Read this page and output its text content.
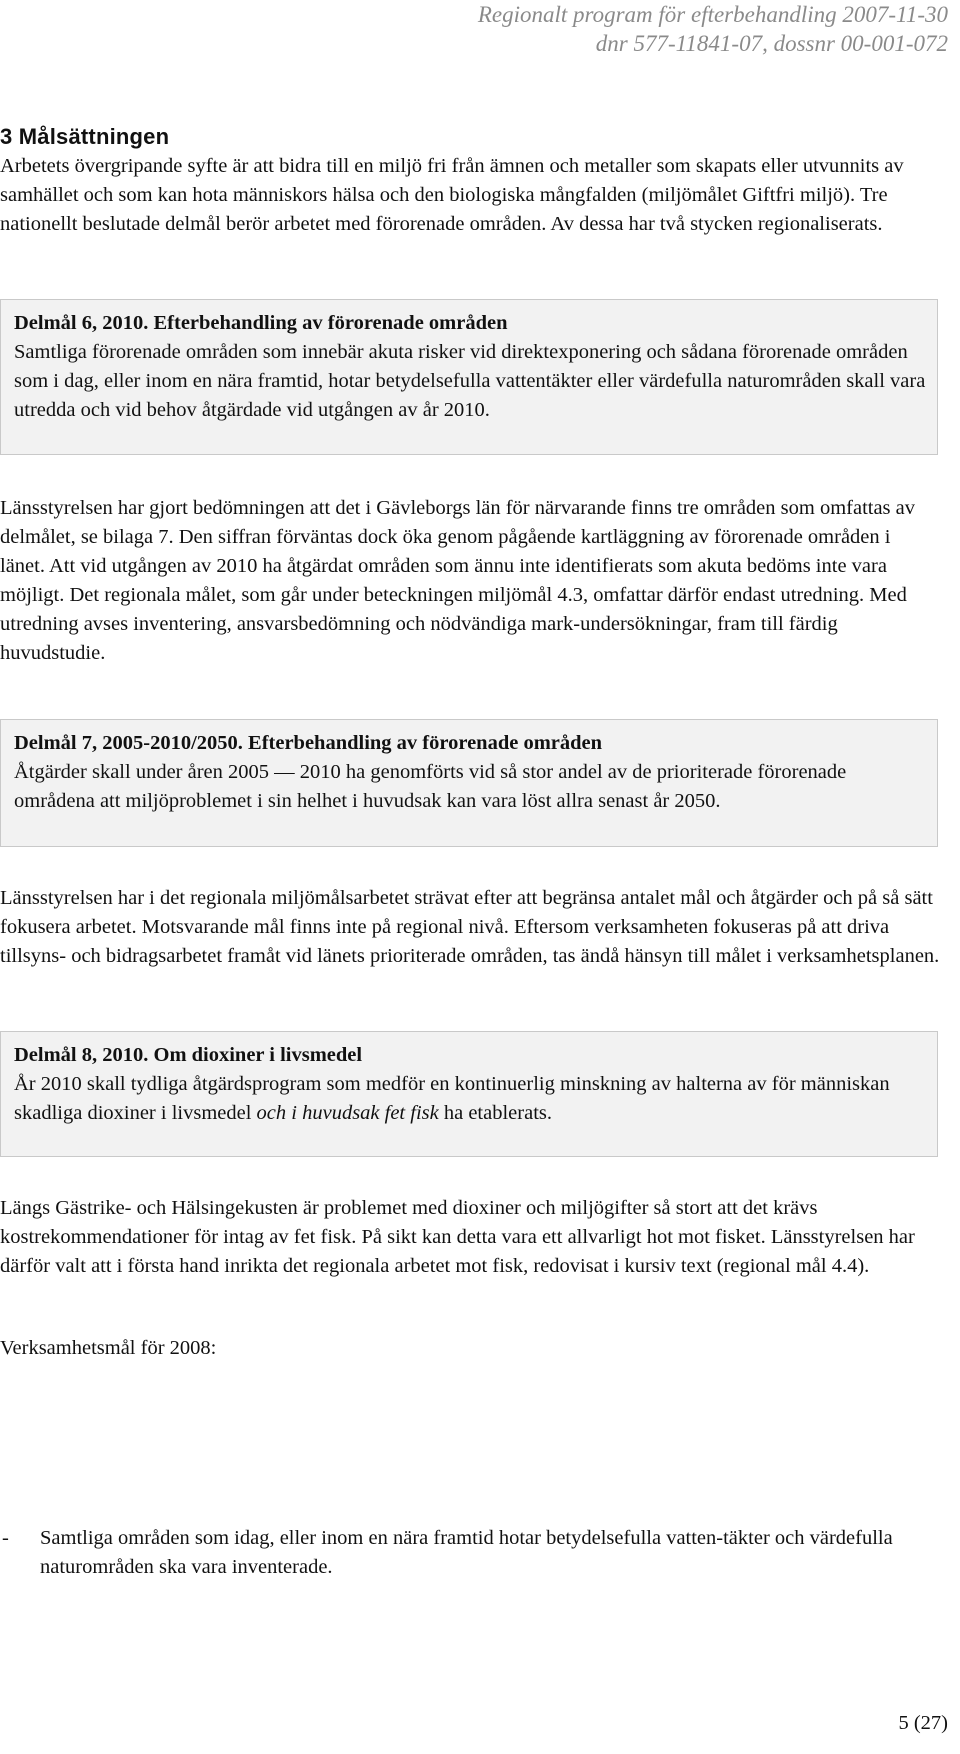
Regionalt program för efterbehandling 2007-11-30
dnr 577-11841-07, dossnr 00-001-072
3 Målsättningen

Arbetets övergripande syfte är att bidra till en miljö fri från ämnen och metaller som skapats eller utvunnits av samhället och som kan hota människors hälsa och den biologiska mångfalden (miljömålet Giftfri miljö). Tre nationellt beslutade delmål berör arbetet med förorenade områden. Av dessa har två stycken regionaliserats.

Delmål 6, 2010. Efterbehandling av förorenade områden
Samtliga förorenade områden som innebär akuta risker vid direktexponering och sådana förorenade områden som i dag, eller inom en nära framtid, hotar betydelsefulla vattentäkter eller värdefulla naturområden skall vara utredda och vid behov åtgärdade vid utgången av år 2010.

Länsstyrelsen har gjort bedömningen att det i Gävleborgs län för närvarande finns tre områden som omfattas av delmålet, se bilaga 7. Den siffran förväntas dock öka genom pågående kartläggning av förorenade områden i länet. Att vid utgången av 2010 ha åtgärdat områden som ännu inte identifierats som akuta bedöms inte vara möjligt. Det regionala målet, som går under beteckningen miljömål 4.3, omfattar därför endast utredning. Med utredning avses inventering, ansvarsbedömning och nödvändiga mark-undersökningar, fram till färdig huvudstudie.

Delmål 7, 2005-2010/2050. Efterbehandling av förorenade områden
Åtgärder skall under åren 2005 — 2010 ha genomförts vid så stor andel av de prioriterade förorenade områdena att miljöproblemet i sin helhet i huvudsak kan vara löst allra senast år 2050.

Länsstyrelsen har i det regionala miljömålsarbetet strävat efter att begränsa antalet mål och åtgärder och på så sätt fokusera arbetet. Motsvarande mål finns inte på regional nivå. Eftersom verksamheten fokuseras på att driva tillsyns- och bidragsarbetet framåt vid länets prioriterade områden, tas ändå hänsyn till målet i verksamhetsplanen.

Delmål 8, 2010. Om dioxiner i livsmedel
År 2010 skall tydliga åtgärdsprogram som medför en kontinuerlig minskning av halterna av för människan skadliga dioxiner i livsmedel och i huvudsak fet fisk ha etablerats.

Längs Gästrike- och Hälsingekusten är problemet med dioxiner och miljögifter så stort att det krävs kostrekommendationer för intag av fet fisk. På sikt kan detta vara ett allvarligt hot mot fisket. Länsstyrelsen har därför valt att i första hand inrikta det regionala arbetet mot fisk, redovisat i kursiv text (regional mål 4.4).

Verksamhetsmål för 2008:

- Samtliga områden som idag, eller inom en nära framtid hotar betydelsefulla vatten-täkter och värdefulla naturområden ska vara inventerade.
5 (27)
